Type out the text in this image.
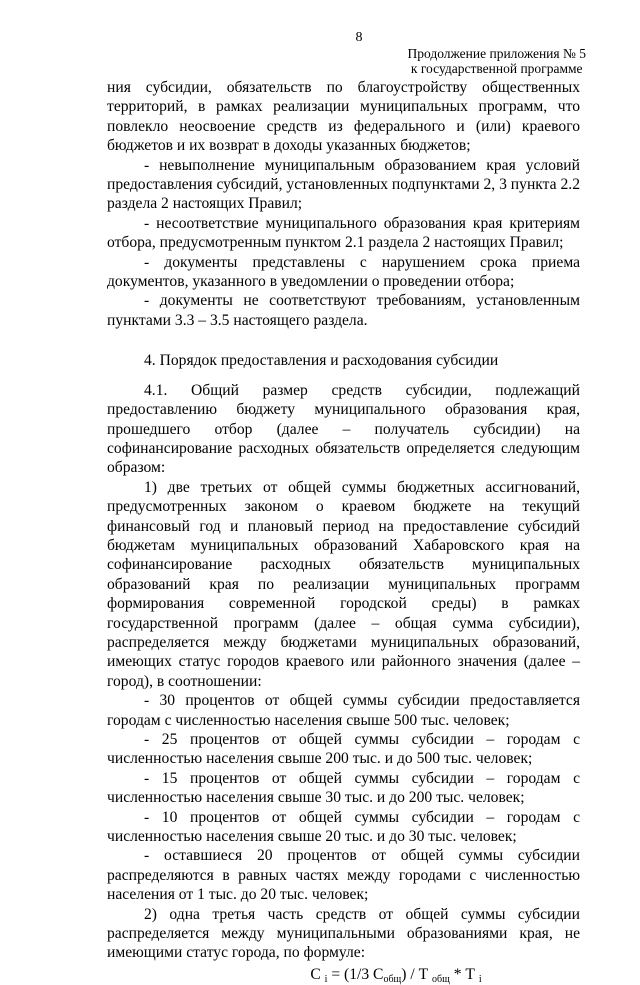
8
Продолжение приложения № 5
к государственной программе

ния субсидии, обязательств по благоустройству общественных территорий, в рамках реализации муниципальных программ, что повлекло неосвоение средств из федерального и (или) краевого бюджетов и их возврат в доходы указанных бюджетов;

- невыполнение муниципальным образованием края условий предоставления субсидий, установленных подпунктами 2, 3 пункта 2.2 раздела 2 настоящих Правил;

- несоответствие муниципального образования края критериям отбора, предусмотренным пунктом 2.1 раздела 2 настоящих Правил;

- документы представлены с нарушением срока приема документов, указанного в уведомлении о проведении отбора;

- документы не соответствуют требованиям, установленным пунктами 3.3 – 3.5 настоящего раздела.

4. Порядок предоставления и расходования субсидии

4.1. Общий размер средств субсидии, подлежащий предоставлению бюджету муниципального образования края, прошедшего отбор (далее – получатель субсидии) на софинансирование расходных обязательств определяется следующим образом:

1) две третьих от общей суммы бюджетных ассигнований, предусмотренных законом о краевом бюджете на текущий финансовый год и плановый период на предоставление субсидий бюджетам муниципальных образований Хабаровского края на софинансирование расходных обязательств муниципальных образований края по реализации муниципальных программ формирования современной городской среды) в рамках государственной программ (далее – общая сумма субсидии), распределяется между бюджетами муниципальных образований, имеющих статус городов краевого или районного значения (далее – город), в соотношении:

- 30 процентов от общей суммы субсидии предоставляется городам с численностью населения свыше 500 тыс. человек;

- 25 процентов от общей суммы субсидии – городам с численностью населения свыше 200 тыс. и до 500 тыс. человек;

- 15 процентов от общей суммы субсидии – городам с численностью населения свыше 30 тыс. и до 200 тыс. человек;

- 10 процентов от общей суммы субсидии – городам с численностью населения свыше 20 тыс. и до 30 тыс. человек;

- оставшиеся 20 процентов от общей суммы субсидии распределяются в равных частях между городами с численностью населения от 1 тыс. до 20 тыс. человек;

2) одна третья часть средств от общей суммы субсидии распределяется между муниципальными образованиями края, не имеющими статус города, по формуле:

С $_i$ = (1/3 $С_{общ}$) / Т $_{общ}$ * Т $_i$
